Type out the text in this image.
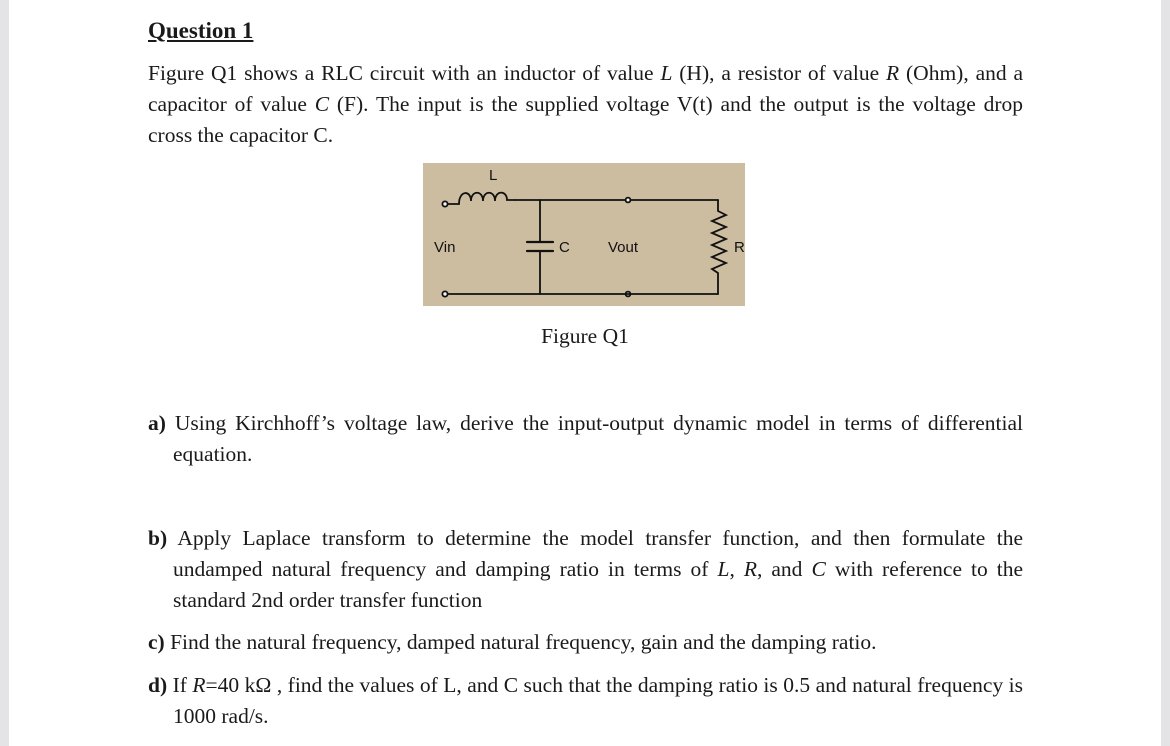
Question 1
Figure Q1 shows a RLC circuit with an inductor of value L (H), a resistor of value R (Ohm), and a capacitor of value C (F). The input is the supplied voltage V(t) and the output is the voltage drop cross the capacitor C.
L
Vin	C	Vout	R
Figure Q1
a) Using Kirchhoff’s voltage law, derive the input-output dynamic model in terms of differential equation.
b) Apply Laplace transform to determine the model transfer function, and then formulate the undamped natural frequency and damping ratio in terms of L, R, and C with reference to the standard 2nd order transfer function
c) Find the natural frequency, damped natural frequency, gain and the damping ratio.
d) If R=40 kΩ , find the values of L, and C such that the damping ratio is 0.5 and natural frequency is 1000 rad/s.
